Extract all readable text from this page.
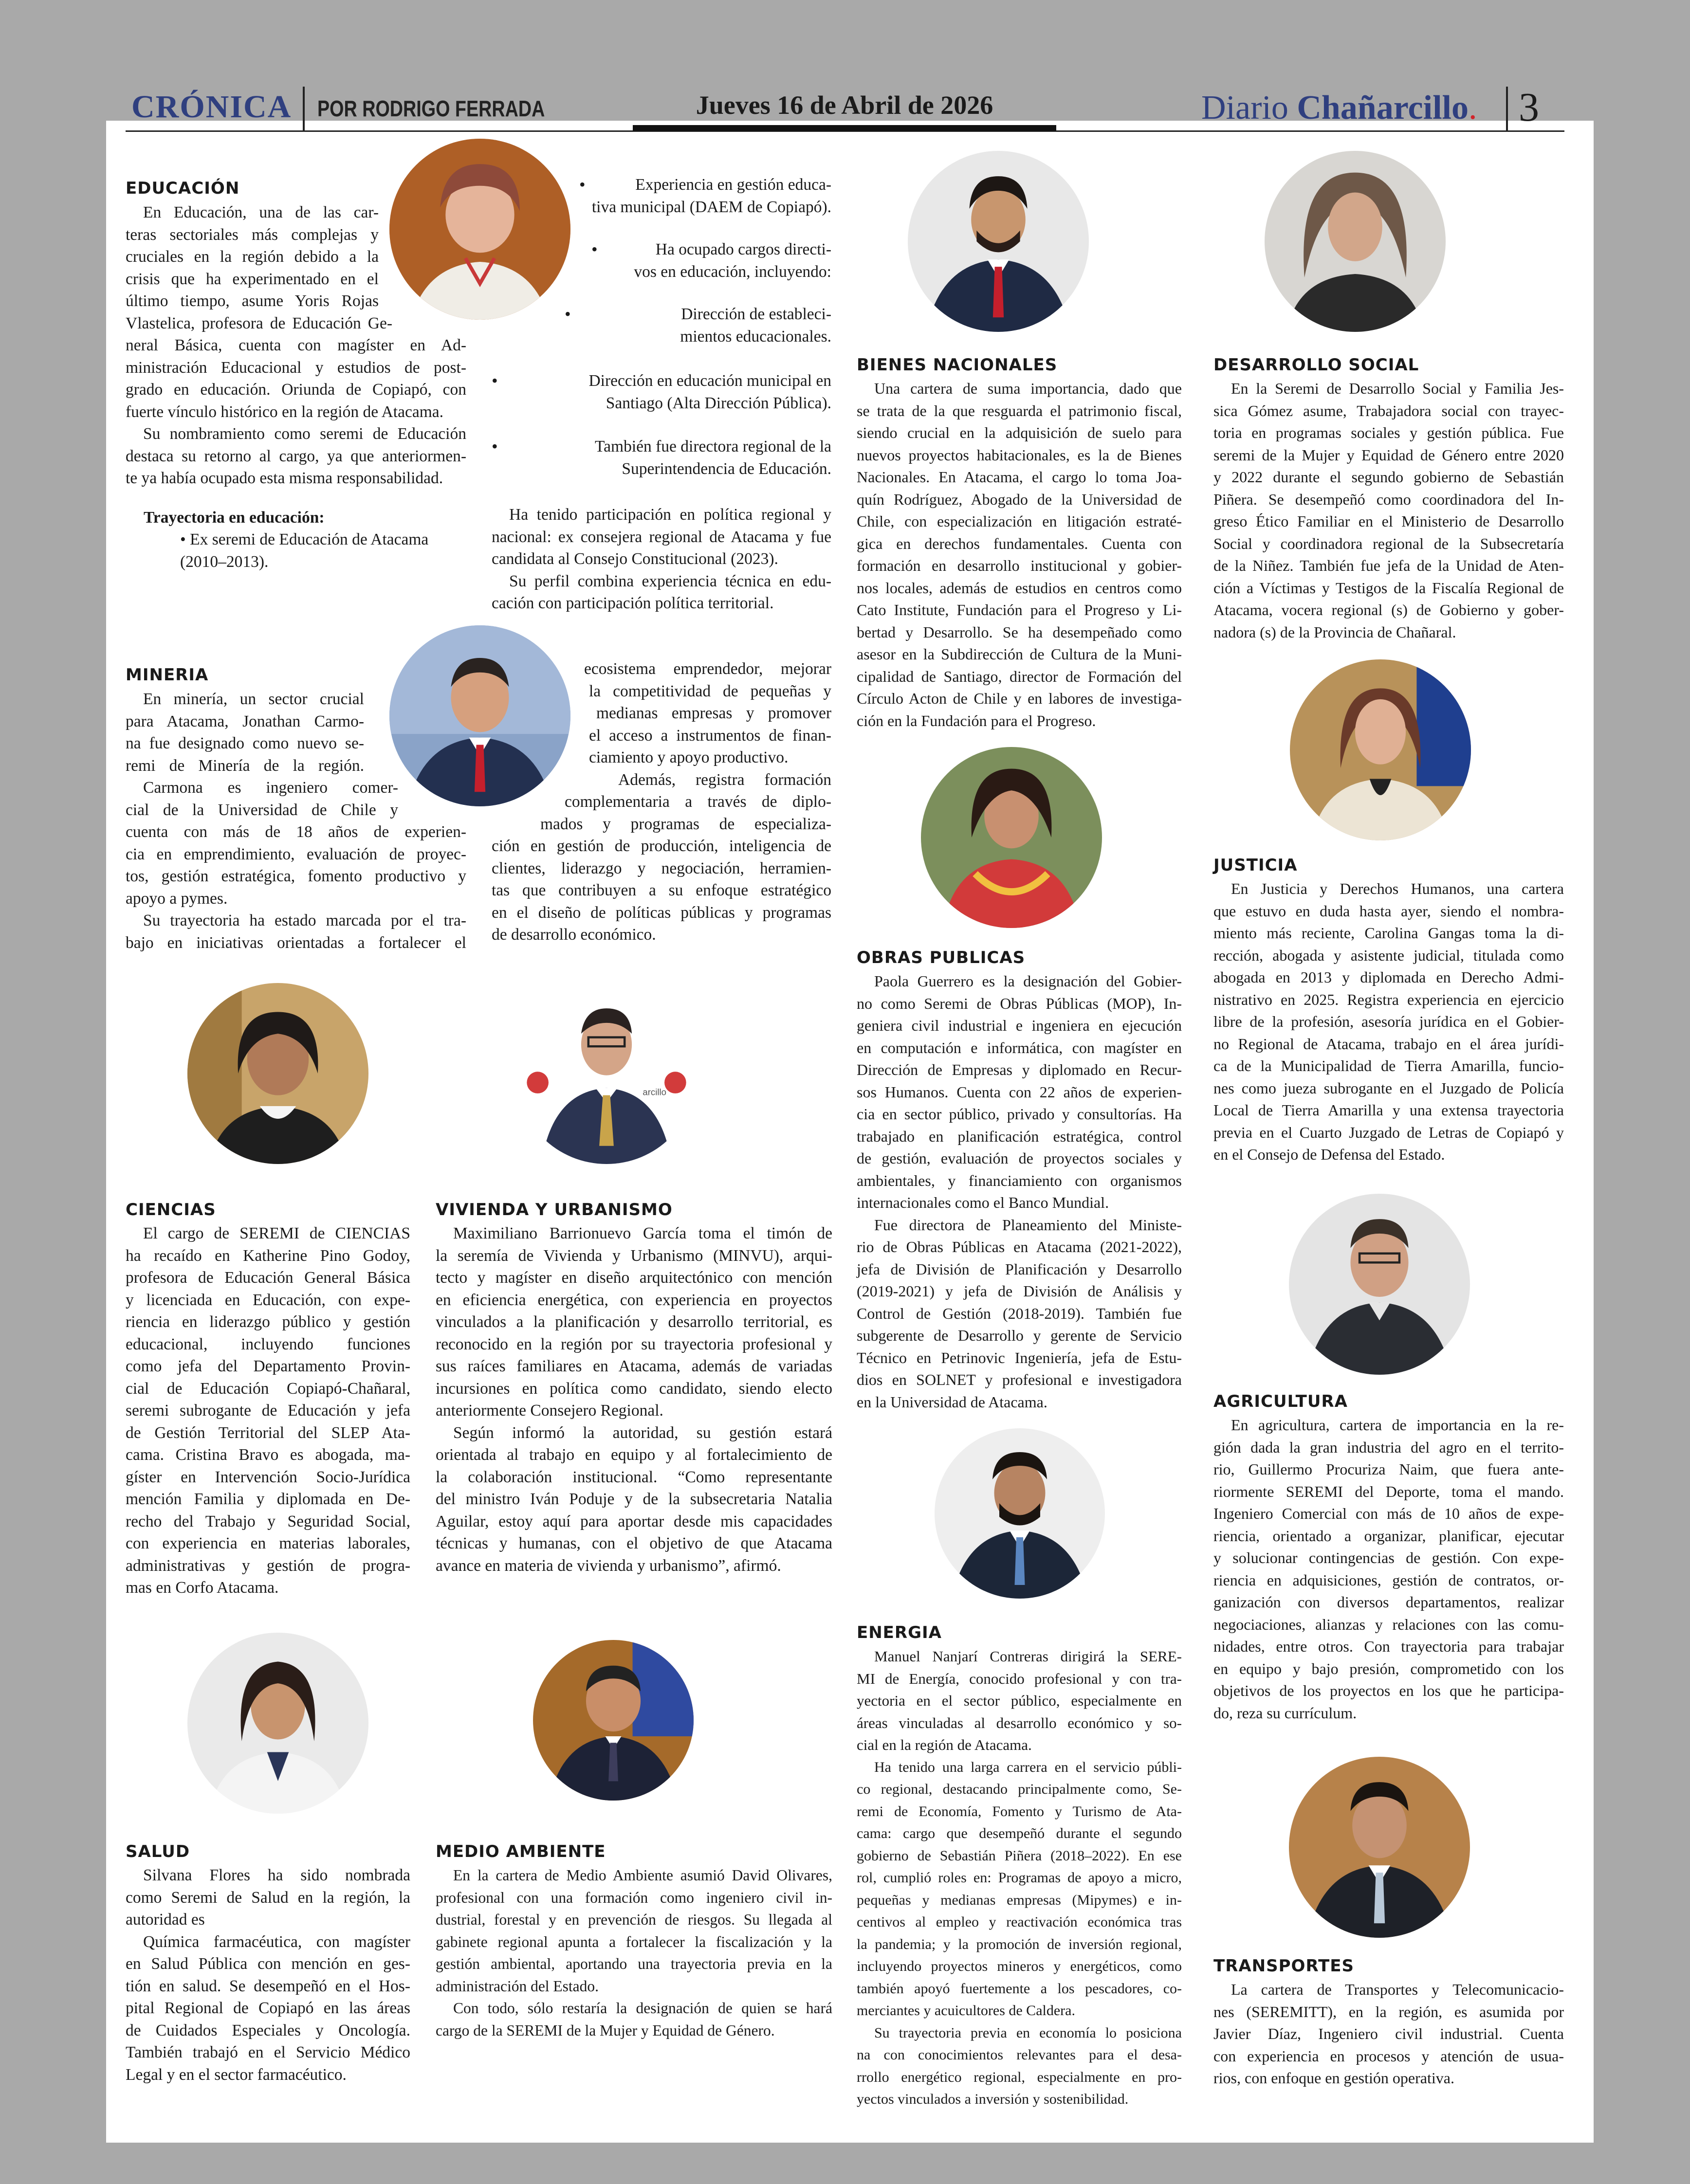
CRÓNICA POR RODRIGO FERRADA	Jueves 16 de Abril de 2026	Diario Chañarcillo. 3
EDUCACIÓN
MINERIA
arcillo
En Educación, una de las car-
teras sectoriales más complejas y
cruciales en la región debido a la
crisis que ha experimentado en el
último tiempo, asume Yoris Rojas
Vlastelica, profesora de Educación Ge-
neral Básica, cuenta con magíster en Ad-
ministración Educacional y estudios de post-
grado en educación. Oriunda de Copiapó, con
fuerte vínculo histórico en la región de Atacama.
Su nombramiento como seremi de Educación
destaca su retorno al cargo, ya que anteriormen-
te ya había ocupado esta misma responsabilidad.
Trayectoria en educación:
• Ex seremi de Educación de Atacama
(2010–2013).
•	Experiencia en gestión educa-
tiva municipal (DAEM de Copiapó).
•	Ha ocupado cargos directi-
vos en educación, incluyendo:
•	Dirección de estableci-
mientos educacionales.
•	Dirección en educación municipal en
Santiago (Alta Dirección Pública).
•	También fue directora regional de la
Superintendencia de Educación.
Ha tenido participación en política regional y
nacional: ex consejera regional de Atacama y fue
candidata al Consejo Constitucional (2023).
Su perfil combina experiencia técnica en edu-
cación con participación política territorial.
En minería, un sector crucial
para Atacama, Jonathan Carmo-
na fue designado como nuevo se-
remi de Minería de la región.
Carmona es ingeniero comer-
cial de la Universidad de Chile y
cuenta con más de 18 años de experien-
cia en emprendimiento, evaluación de proyec-
tos, gestión estratégica, fomento productivo y
apoyo a pymes.
Su trayectoria ha estado marcada por el tra-
bajo en iniciativas orientadas a fortalecer el
ecosistema emprendedor, mejorar
la competitividad de pequeñas y
medianas empresas y promover
el acceso a instrumentos de finan-
ciamiento y apoyo productivo.
Además, registra formación
complementaria a través de diplo-
mados y programas de especializa-
ción en gestión de producción, inteligencia de
clientes, liderazgo y negociación, herramien-
tas que contribuyen a su enfoque estratégico
en el diseño de políticas públicas y programas
de desarrollo económico.
CIENCIAS
El cargo de SEREMI de CIENCIAS
ha recaído en Katherine Pino Godoy,
profesora de Educación General Básica
y licenciada en Educación, con expe-
riencia en liderazgo público y gestión
educacional, incluyendo funciones
como jefa del Departamento Provin-
cial de Educación Copiapó-Chañaral,
seremi subrogante de Educación y jefa
de Gestión Territorial del SLEP Ata-
cama. Cristina Bravo es abogada, ma-
gíster en Intervención Socio-Jurídica
mención Familia y diplomada en De-
recho del Trabajo y Seguridad Social,
con experiencia en materias laborales,
administrativas y gestión de progra-
mas en Corfo Atacama.
VIVIENDA Y URBANISMO
Maximiliano Barrionuevo García toma el timón de
la seremía de Vivienda y Urbanismo (MINVU), arqui-
tecto y magíster en diseño arquitectónico con mención
en eficiencia energética, con experiencia en proyectos
vinculados a la planificación y desarrollo territorial, es
reconocido en la región por su trayectoria profesional y
sus raíces familiares en Atacama, además de variadas
incursiones en política como candidato, siendo electo
anteriormente Consejero Regional.
Según informó la autoridad, su gestión estará
orientada al trabajo en equipo y al fortalecimiento de
la colaboración institucional. “Como representante
del ministro Iván Poduje y de la subsecretaria Natalia
Aguilar, estoy aquí para aportar desde mis capacidades
técnicas y humanas, con el objetivo de que Atacama
avance en materia de vivienda y urbanismo”, afirmó.
SALUD
Silvana Flores ha sido nombrada
como Seremi de Salud en la región, la
autoridad es
Química farmacéutica, con magíster
en Salud Pública con mención en ges-
tión en salud. Se desempeñó en el Hos-
pital Regional de Copiapó en las áreas
de Cuidados Especiales y Oncología.
También trabajó en el Servicio Médico
Legal y en el sector farmacéutico.
MEDIO AMBIENTE
En la cartera de Medio Ambiente asumió David Olivares,
profesional con una formación como ingeniero civil in-
dustrial, forestal y en prevención de riesgos. Su llegada al
gabinete regional apunta a fortalecer la fiscalización y la
gestión ambiental, aportando una trayectoria previa en la
administración del Estado.
Con todo, sólo restaría la designación de quien se hará
cargo de la SEREMI de la Mujer y Equidad de Género.
BIENES NACIONALES
Una cartera de suma importancia, dado que
se trata de la que resguarda el patrimonio fiscal,
siendo crucial en la adquisición de suelo para
nuevos proyectos habitacionales, es la de Bienes
Nacionales. En Atacama, el cargo lo toma Joa-
quín Rodríguez, Abogado de la Universidad de
Chile, con especialización en litigación estraté-
gica en derechos fundamentales. Cuenta con
formación en desarrollo institucional y gobier-
nos locales, además de estudios en centros como
Cato Institute, Fundación para el Progreso y Li-
bertad y Desarrollo. Se ha desempeñado como
asesor en la Subdirección de Cultura de la Muni-
cipalidad de Santiago, director de Formación del
Círculo Acton de Chile y en labores de investiga-
ción en la Fundación para el Progreso.
OBRAS PUBLICAS
Paola Guerrero es la designación del Gobier-
no como Seremi de Obras Públicas (MOP), In-
geniera civil industrial e ingeniera en ejecución
en computación e informática, con magíster en
Dirección de Empresas y diplomado en Recur-
sos Humanos. Cuenta con 22 años de experien-
cia en sector público, privado y consultorías. Ha
trabajado en planificación estratégica, control
de gestión, evaluación de proyectos sociales y
ambientales, y financiamiento con organismos
internacionales como el Banco Mundial.
Fue directora de Planeamiento del Ministe-
rio de Obras Públicas en Atacama (2021-2022),
jefa de División de Planificación y Desarrollo
(2019-2021) y jefa de División de Análisis y
Control de Gestión (2018-2019). También fue
subgerente de Desarrollo y gerente de Servicio
Técnico en Petrinovic Ingeniería, jefa de Estu-
dios en SOLNET y profesional e investigadora
en la Universidad de Atacama.
ENERGIA
Manuel Nanjarí Contreras dirigirá la SERE-
MI de Energía, conocido profesional y con tra-
yectoria en el sector público, especialmente en
áreas vinculadas al desarrollo económico y so-
cial en la región de Atacama.
Ha tenido una larga carrera en el servicio públi-
co regional, destacando principalmente como, Se-
remi de Economía, Fomento y Turismo de Ata-
cama: cargo que desempeñó durante el segundo
gobierno de Sebastián Piñera (2018–2022). En ese
rol, cumplió roles en: Programas de apoyo a micro,
pequeñas y medianas empresas (Mipymes) e in-
centivos al empleo y reactivación económica tras
la pandemia; y la promoción de inversión regional,
incluyendo proyectos mineros y energéticos, como
también apoyó fuertemente a los pescadores, co-
merciantes y acuicultores de Caldera.
Su trayectoria previa en economía lo posiciona
na con conocimientos relevantes para el desa-
rrollo energético regional, especialmente en pro-
yectos vinculados a inversión y sostenibilidad.
DESARROLLO SOCIAL
En la Seremi de Desarrollo Social y Familia Jes-
sica Gómez asume, Trabajadora social con trayec-
toria en programas sociales y gestión pública. Fue
seremi de la Mujer y Equidad de Género entre 2020
y 2022 durante el segundo gobierno de Sebastián
Piñera. Se desempeñó como coordinadora del In-
greso Ético Familiar en el Ministerio de Desarrollo
Social y coordinadora regional de la Subsecretaría
de la Niñez. También fue jefa de la Unidad de Aten-
ción a Víctimas y Testigos de la Fiscalía Regional de
Atacama, vocera regional (s) de Gobierno y gober-
nadora (s) de la Provincia de Chañaral.
JUSTICIA
En Justicia y Derechos Humanos, una cartera
que estuvo en duda hasta ayer, siendo el nombra-
miento más reciente, Carolina Gangas toma la di-
rección, abogada y asistente judicial, titulada como
abogada en 2013 y diplomada en Derecho Admi-
nistrativo en 2025. Registra experiencia en ejercicio
libre de la profesión, asesoría jurídica en el Gobier-
no Regional de Atacama, trabajo en el área jurídi-
ca de la Municipalidad de Tierra Amarilla, funcio-
nes como jueza subrogante en el Juzgado de Policía
Local de Tierra Amarilla y una extensa trayectoria
previa en el Cuarto Juzgado de Letras de Copiapó y
en el Consejo de Defensa del Estado.
AGRICULTURA
En agricultura, cartera de importancia en la re-
gión dada la gran industria del agro en el territo-
rio, Guillermo Procuriza Naim, que fuera ante-
riormente SEREMI del Deporte, toma el mando.
Ingeniero Comercial con más de 10 años de expe-
riencia, orientado a organizar, planificar, ejecutar
y solucionar contingencias de gestión. Con expe-
riencia en adquisiciones, gestión de contratos, or-
ganización con diversos departamentos, realizar
negociaciones, alianzas y relaciones con las comu-
nidades, entre otros. Con trayectoria para trabajar
en equipo y bajo presión, comprometido con los
objetivos de los proyectos en los que he participa-
do, reza su currículum.
TRANSPORTES
La cartera de Transportes y Telecomunicacio-
nes (SEREMITT), en la región, es asumida por
Javier Díaz, Ingeniero civil industrial. Cuenta
con experiencia en procesos y atención de usua-
rios, con enfoque en gestión operativa.
